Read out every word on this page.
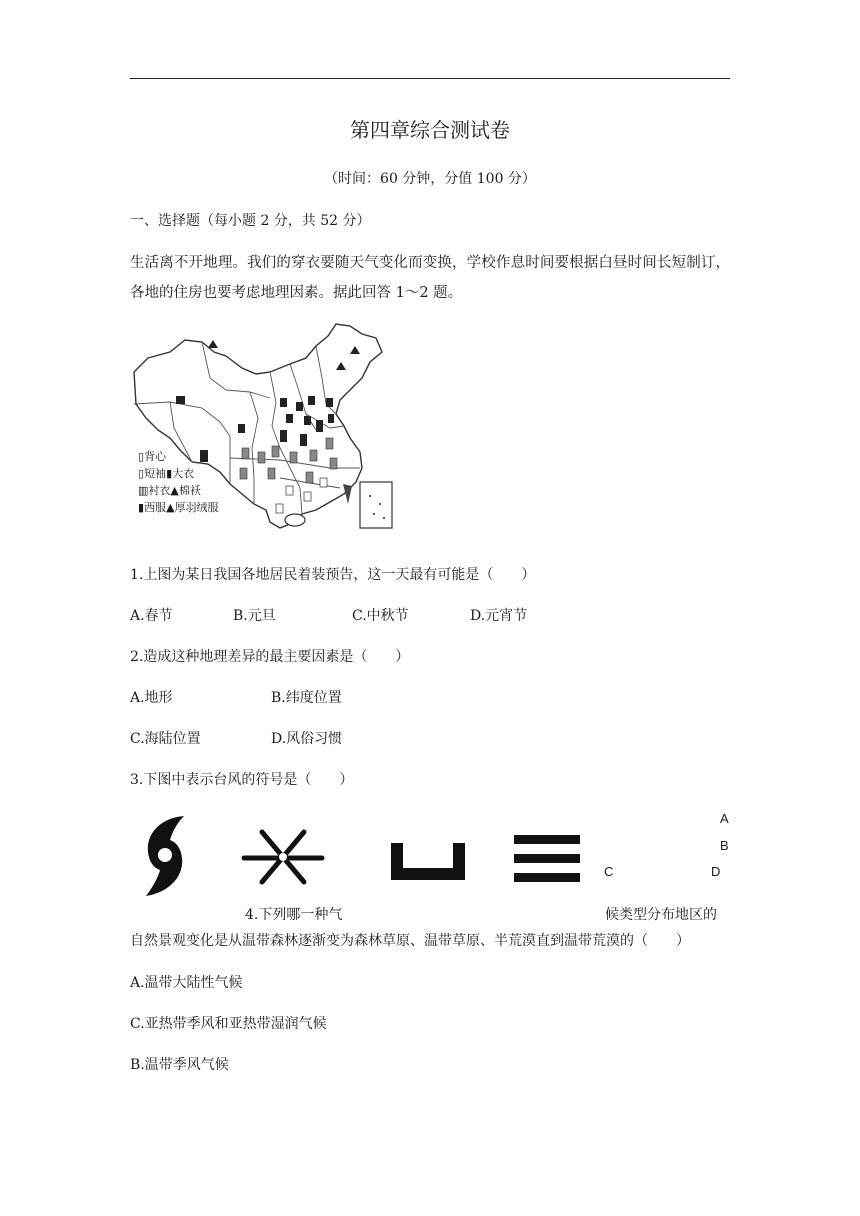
第四章综合测试卷
（时间：60 分钟，分值 100 分）
一、选择题（每小题 2 分，共 52 分）
生活离不开地理。我们的穿衣要随天气变化而变换，学校作息时间要根据白昼时间长短制订，各地的住房也要考虑地理因素。据此回答 1～2 题。
▯背心
▯短袖▮大衣
▥衬衣▲棉袄
▮西服▲厚羽绒服
1.上图为某日我国各地居民着装预告，这一天最有可能是（　　）
A.春节	B.元旦	C.中秋节	D.元宵节
2.造成这种地理差异的最主要因素是（　　）
A.地形	B.纬度位置
C.海陆位置	D.风俗习惯
3.下图中表示台风的符号是（　　）
A
B
C	D
4.下列哪一种气	候类型分布地区的
自然景观变化是从温带森林逐渐变为森林草原、温带草原、半荒漠直到温带荒漠的（　　）
A.温带大陆性气候
C.亚热带季风和亚热带湿润气候
B.温带季风气候
